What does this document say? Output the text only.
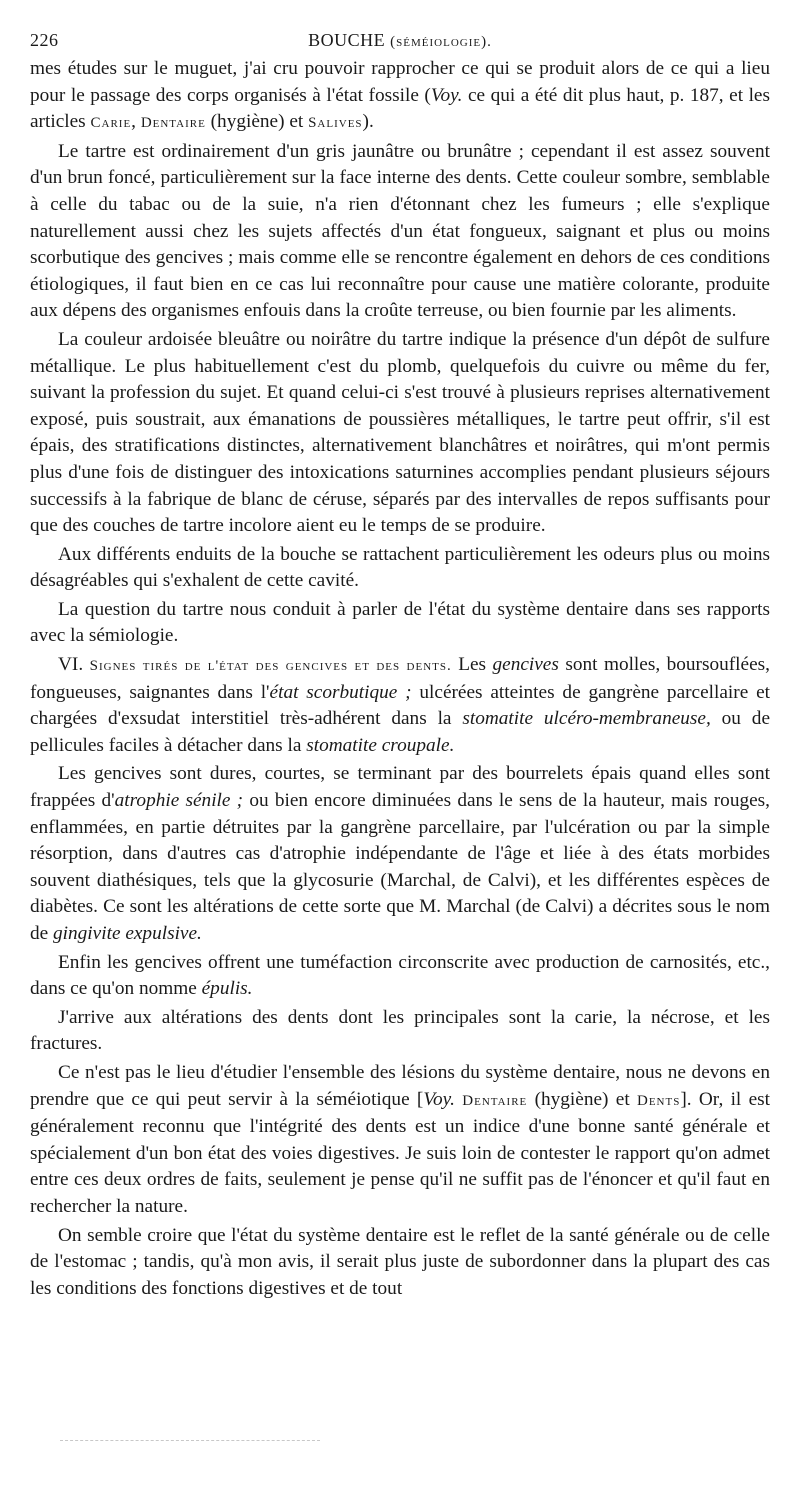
226	BOUCHE (séméiologie).

mes études sur le muguet, j'ai cru pouvoir rapprocher ce qui se produit alors de ce qui a lieu pour le passage des corps organisés à l'état fossile (Voy. ce qui a été dit plus haut, p. 187, et les articles Carie, Dentaire (hygiène) et Salives).

Le tartre est ordinairement d'un gris jaunâtre ou brunâtre ; cependant il est assez souvent d'un brun foncé, particulièrement sur la face interne des dents. Cette couleur sombre, semblable à celle du tabac ou de la suie, n'a rien d'étonnant chez les fumeurs ; elle s'explique naturellement aussi chez les sujets affectés d'un état fongueux, saignant et plus ou moins scorbutique des gencives ; mais comme elle se rencontre également en dehors de ces conditions étiologiques, il faut bien en ce cas lui reconnaître pour cause une matière colorante, produite aux dépens des organismes enfouis dans la croûte terreuse, ou bien fournie par les aliments.

La couleur ardoisée bleuâtre ou noirâtre du tartre indique la présence d'un dépôt de sulfure métallique. Le plus habituellement c'est du plomb, quelquefois du cuivre ou même du fer, suivant la profession du sujet. Et quand celui-ci s'est trouvé à plusieurs reprises alternativement exposé, puis soustrait, aux émanations de poussières métalliques, le tartre peut offrir, s'il est épais, des stratifications distinctes, alternativement blanchâtres et noirâtres, qui m'ont permis plus d'une fois de distinguer des intoxications saturnines accomplies pendant plusieurs séjours successifs à la fabrique de blanc de céruse, séparés par des intervalles de repos suffisants pour que des couches de tartre incolore aient eu le temps de se produire.

Aux différents enduits de la bouche se rattachent particulièrement les odeurs plus ou moins désagréables qui s'exhalent de cette cavité.

La question du tartre nous conduit à parler de l'état du système dentaire dans ses rapports avec la sémiologie.

VI. Signes tirés de l'état des gencives et des dents. Les gencives sont molles, boursouflées, fongueuses, saignantes dans l'état scorbutique ; ulcérées atteintes de gangrène parcellaire et chargées d'exsudat interstitiel très-adhérent dans la stomatite ulcéro-membraneuse, ou de pellicules faciles à détacher dans la stomatite croupale.

Les gencives sont dures, courtes, se terminant par des bourrelets épais quand elles sont frappées d'atrophie sénile ; ou bien encore diminuées dans le sens de la hauteur, mais rouges, enflammées, en partie détruites par la gangrène parcellaire, par l'ulcération ou par la simple résorption, dans d'autres cas d'atrophie indépendante de l'âge et liée à des états morbides souvent diathésiques, tels que la glycosurie (Marchal, de Calvi), et les différentes espèces de diabètes. Ce sont les altérations de cette sorte que M. Marchal (de Calvi) a décrites sous le nom de gingivite expulsive.

Enfin les gencives offrent une tuméfaction circonscrite avec production de carnosités, etc., dans ce qu'on nomme épulis.

J'arrive aux altérations des dents dont les principales sont la carie, la nécrose, et les fractures.

Ce n'est pas le lieu d'étudier l'ensemble des lésions du système dentaire, nous ne devons en prendre que ce qui peut servir à la séméiotique [Voy. Dentaire (hygiène) et Dents]. Or, il est généralement reconnu que l'intégrité des dents est un indice d'une bonne santé générale et spécialement d'un bon état des voies digestives. Je suis loin de contester le rapport qu'on admet entre ces deux ordres de faits, seulement je pense qu'il ne suffit pas de l'énoncer et qu'il faut en rechercher la nature.

On semble croire que l'état du système dentaire est le reflet de la santé générale ou de celle de l'estomac ; tandis, qu'à mon avis, il serait plus juste de subordonner dans la plupart des cas les conditions des fonctions digestives et de tout
